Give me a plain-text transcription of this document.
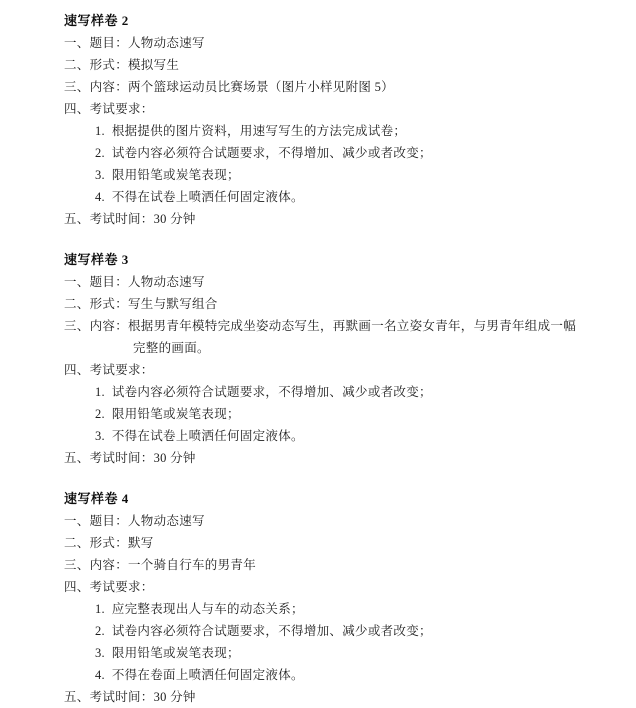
速写样卷 2
一、题目：人物动态速写
二、形式：模拟写生
三、内容：两个篮球运动员比赛场景（图片小样见附图 5）
四、考试要求：
1.  根据提供的图片资料，用速写写生的方法完成试卷；
2.  试卷内容必须符合试题要求，不得增加、减少或者改变；
3.  限用铅笔或炭笔表现；
4.  不得在试卷上喷洒任何固定液体。
五、考试时间：30 分钟
速写样卷 3
一、题目：人物动态速写
二、形式：写生与默写组合
三、内容：根据男青年模特完成坐姿动态写生，再默画一名立姿女青年，与男青年组成一幅
完整的画面。
四、考试要求：
1.  试卷内容必须符合试题要求，不得增加、减少或者改变；
2.  限用铅笔或炭笔表现；
3.  不得在试卷上喷洒任何固定液体。
五、考试时间：30 分钟
速写样卷 4
一、题目：人物动态速写
二、形式：默写
三、内容：一个骑自行车的男青年
四、考试要求：
1.  应完整表现出人与车的动态关系；
2.  试卷内容必须符合试题要求，不得增加、减少或者改变；
3.  限用铅笔或炭笔表现；
4.  不得在卷面上喷洒任何固定液体。
五、考试时间：30 分钟
